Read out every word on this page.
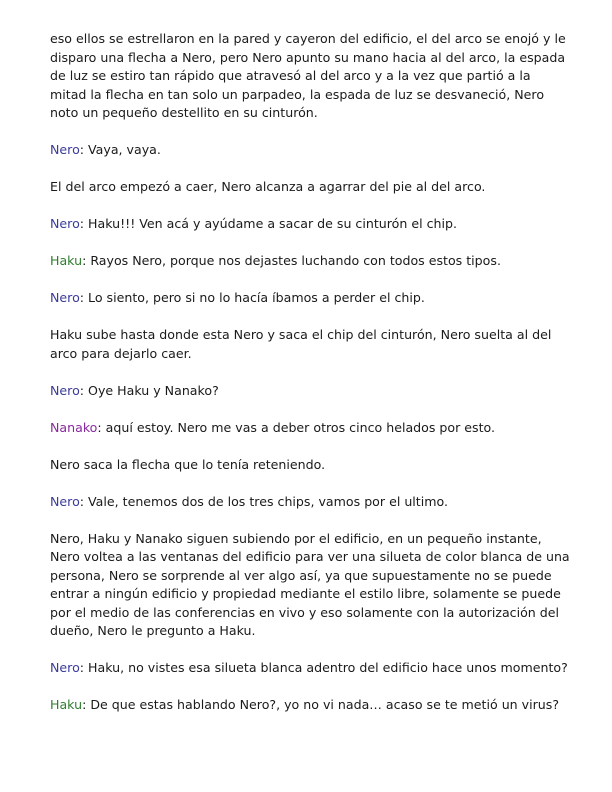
eso ellos se estrellaron en la pared y cayeron del edificio, el del arco se enojó y le disparo una flecha a Nero, pero Nero apunto su mano hacia al del arco, la espada de luz se estiro tan rápido que atravesó al del arco y a la vez que partió a la mitad la flecha en tan solo un parpadeo, la espada de luz se desvaneció, Nero noto un pequeño destellito en su cinturón.

Nero: Vaya, vaya.

El del arco empezó a caer, Nero alcanza a agarrar del pie al del arco.

Nero: Haku!!! Ven acá y ayúdame a sacar de su cinturón el chip.

Haku: Rayos Nero, porque nos dejastes luchando con todos estos tipos.

Nero: Lo siento, pero si no lo hacía íbamos a perder el chip.

Haku sube hasta donde esta Nero y saca el chip del cinturón, Nero suelta al del arco para dejarlo caer.

Nero: Oye Haku y Nanako?

Nanako: aquí estoy. Nero me vas a deber otros cinco helados por esto.

Nero saca la flecha que lo tenía reteniendo.

Nero: Vale, tenemos dos de los tres chips, vamos por el ultimo.

Nero, Haku y Nanako siguen subiendo por el edificio, en un pequeño instante, Nero voltea a las ventanas del edificio para ver una silueta de color blanca de una persona, Nero se sorprende al ver algo así, ya que supuestamente no se puede entrar a ningún edificio y propiedad mediante el estilo libre, solamente se puede por el medio de las conferencias en vivo y eso solamente con la autorización del dueño, Nero le pregunto a Haku.

Nero: Haku, no vistes esa silueta blanca adentro del edificio hace unos momento?

Haku: De que estas hablando Nero?, yo no vi nada… acaso se te metió un virus?
